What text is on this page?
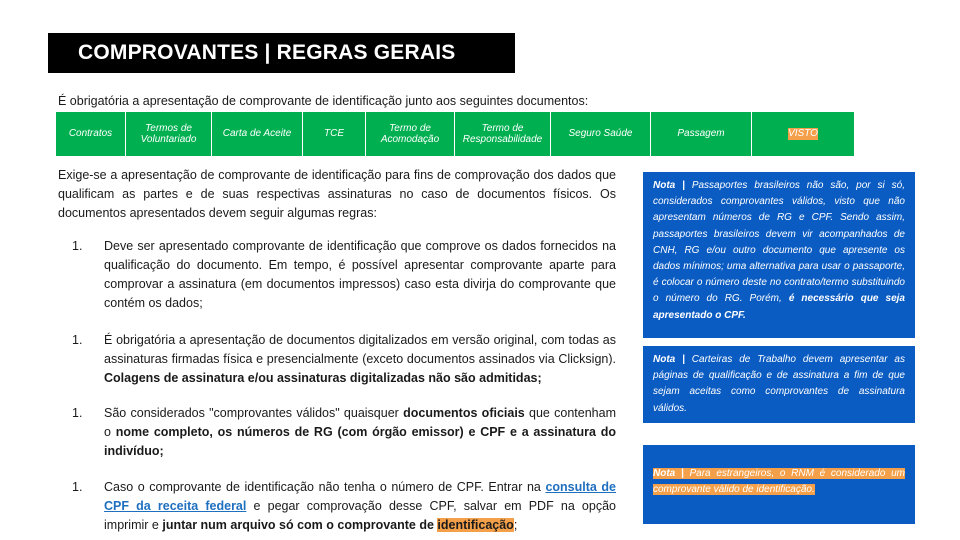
COMPROVANTES | REGRAS GERAIS
É obrigatória a apresentação de comprovante de identificação junto aos seguintes documentos:
Contratos
Termos de Voluntariado
Carta de Aceite	TCE
Termo de Acomodação
Termo de Responsabilidade
Seguro Saúde	Passagem	VISTO

Exige-se a apresentação de comprovante de identificação para fins de comprovação dos dados que qualificam as partes e de suas respectivas assinaturas no caso de documentos físicos. Os documentos apresentados devem seguir algumas regras:

1. Deve ser apresentado comprovante de identificação que comprove os dados fornecidos na qualificação do documento. Em tempo, é possível apresentar comprovante aparte para comprovar a assinatura (em documentos impressos) caso esta divirja do comprovante que contém os dados;
1. É obrigatória a apresentação de documentos digitalizados em versão original, com todas as assinaturas firmadas física e presencialmente (exceto documentos assinados via Clicksign). Colagens de assinatura e/ou assinaturas digitalizadas não são admitidas;
1. São considerados "comprovantes válidos" quaisquer documentos oficiais que contenham o nome completo, os números de RG (com órgão emissor) e CPF e a assinatura do indivíduo;
1. Caso o comprovante de identificação não tenha o número de CPF. Entrar na consulta de CPF da receita federal e pegar comprovação desse CPF, salvar em PDF na opção imprimir e juntar num arquivo só com o comprovante de identificação;
Nota | Passaportes brasileiros não são, por si só, considerados comprovantes válidos, visto que não apresentam números de RG e CPF. Sendo assim, passaportes brasileiros devem vir acompanhados de CNH, RG e/ou outro documento que apresente os dados mínimos; uma alternativa para usar o passaporte, é colocar o número deste no contrato/termo substituindo o número do RG. Porém, é necessário que seja apresentado o CPF.
Nota | Carteiras de Trabalho devem apresentar as páginas de qualificação e de assinatura a fim de que sejam aceitas como comprovantes de assinatura válidos.
Nota | Para estrangeiros, o RNM é considerado um comprovante válido de identificação.
